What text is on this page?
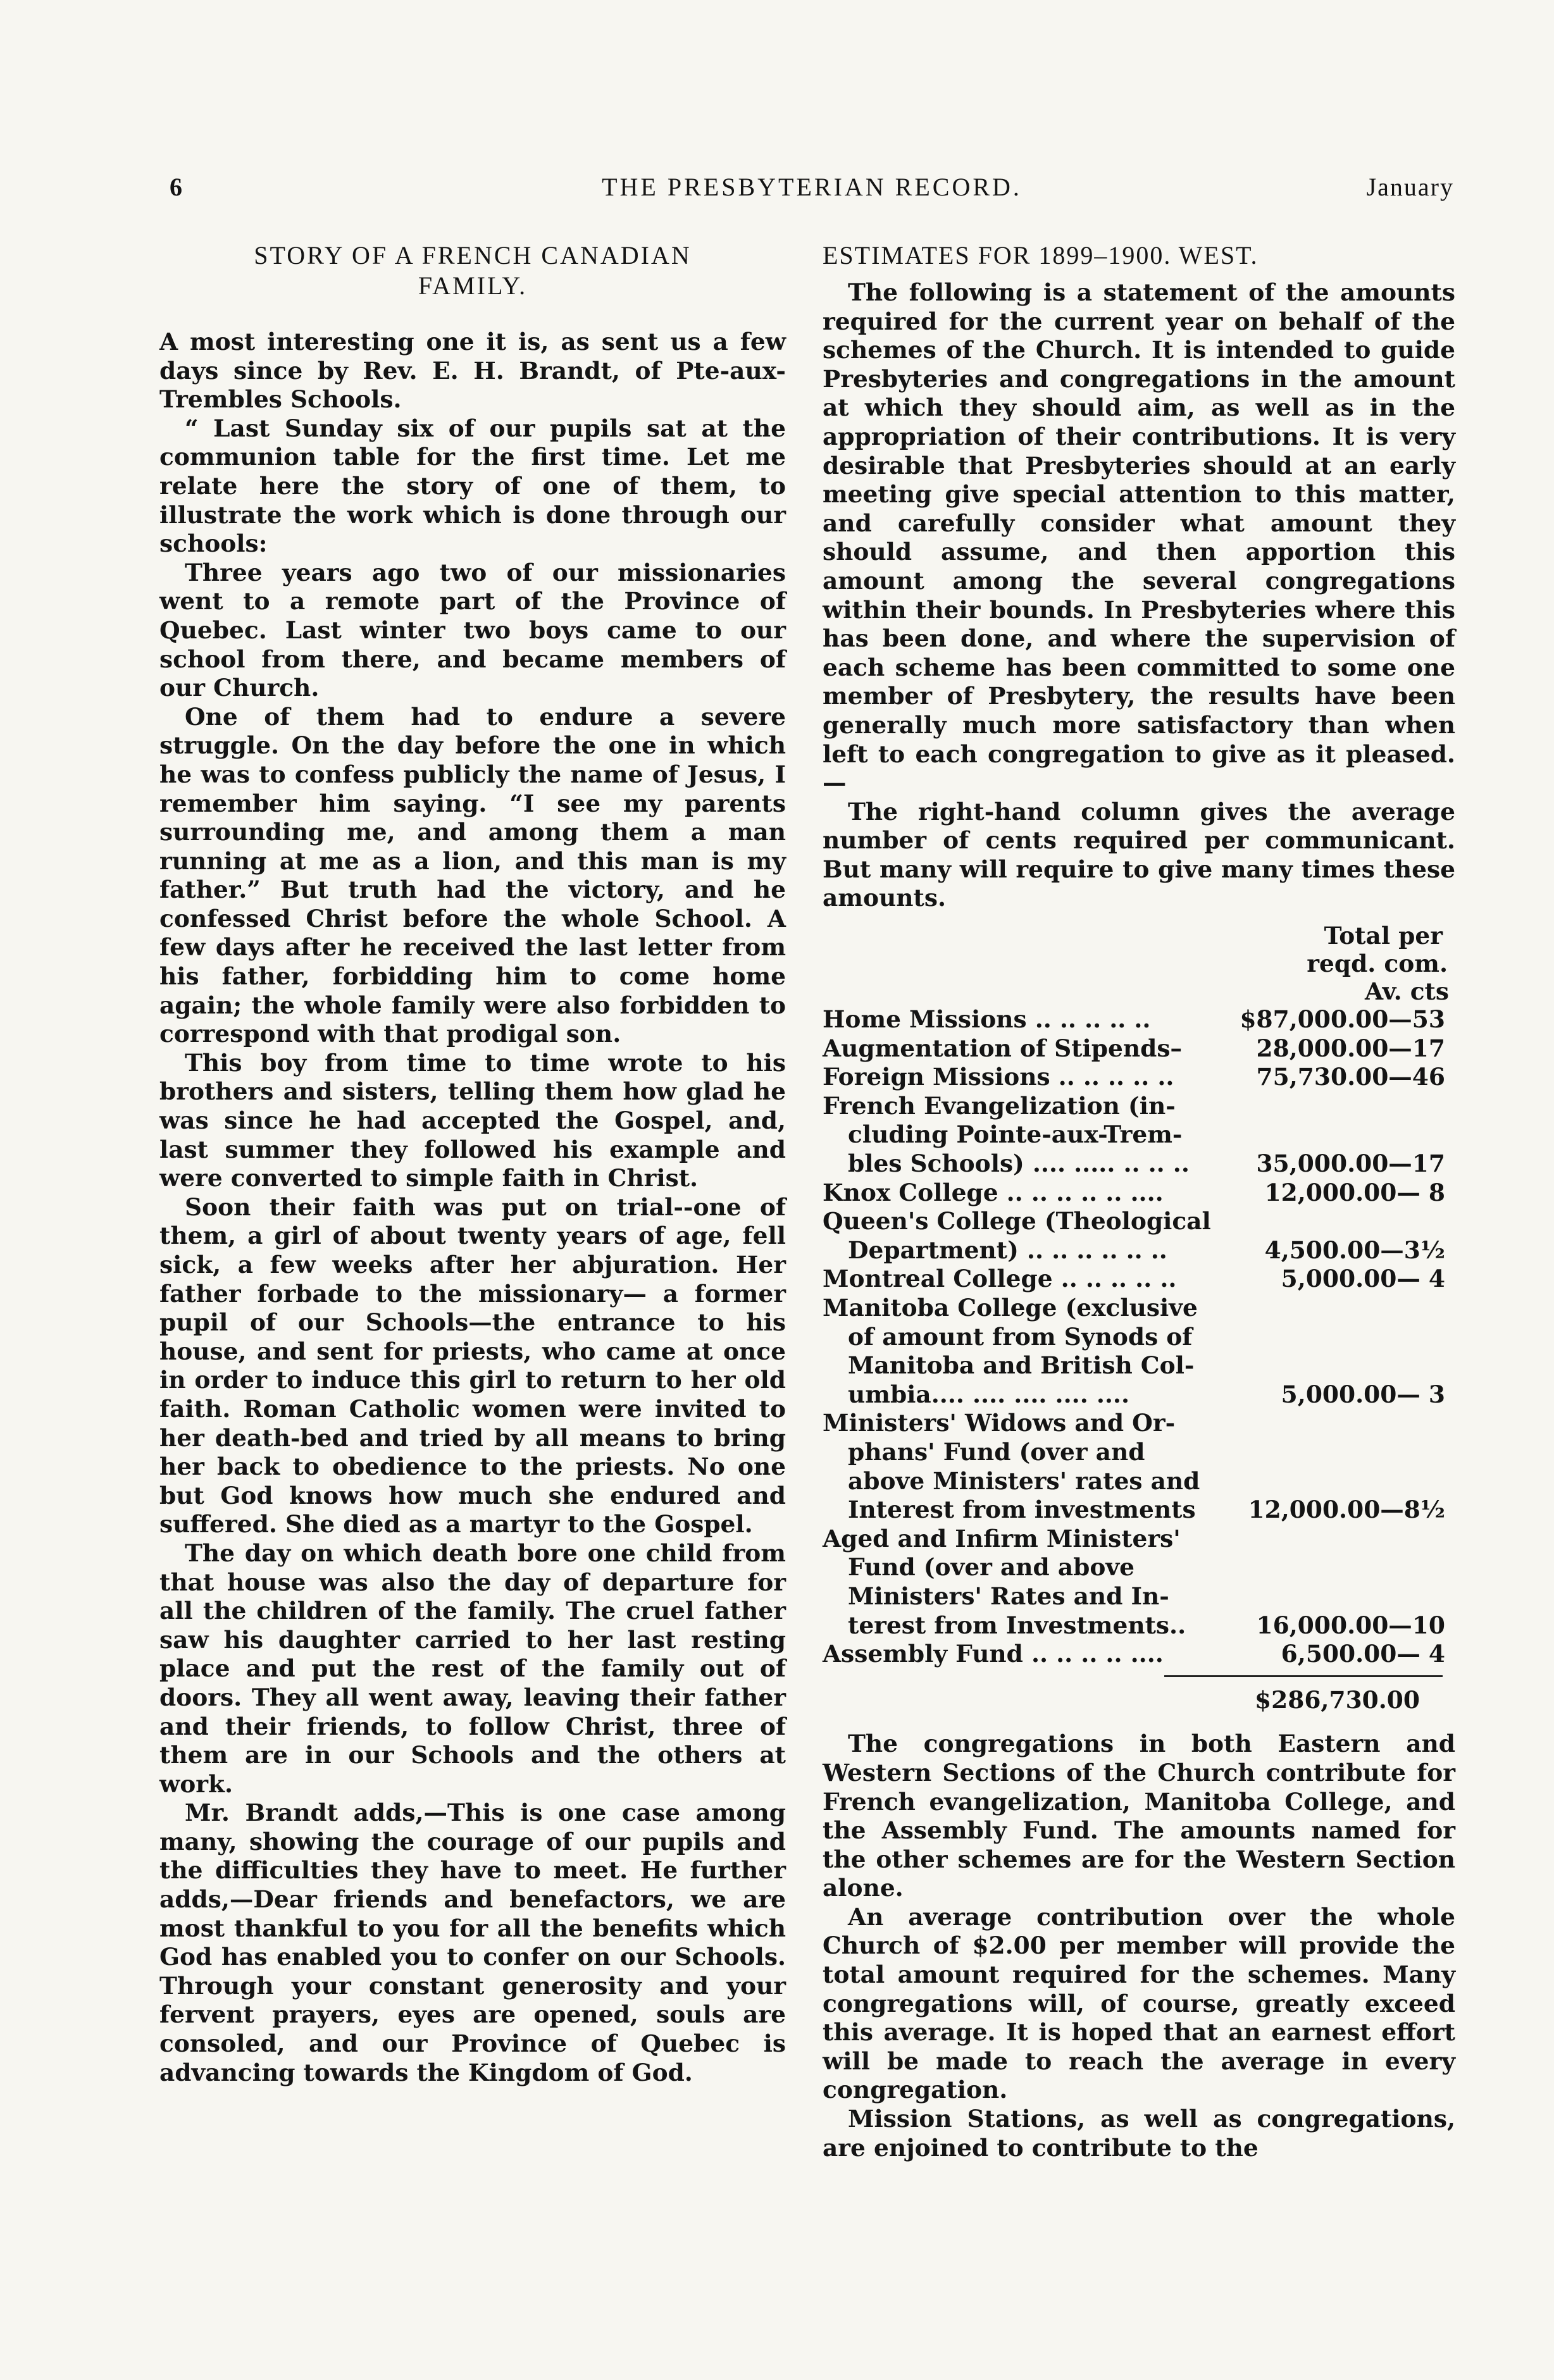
6	THE PRESBYTERIAN RECORD.	January
STORY OF A FRENCH CANADIAN
FAMILY.

A most interesting one it is, as sent us a few days since by Rev. E. H. Brandt, of Pte-aux-Trembles Schools.

“ Last Sunday six of our pupils sat at the communion table for the first time. Let me relate here the story of one of them, to illustrate the work which is done through our schools:

Three years ago two of our missionaries went to a remote part of the Province of Quebec. Last winter two boys came to our school from there, and became members of our Church.

One of them had to endure a severe struggle. On the day before the one in which he was to confess publicly the name of Jesus, I remember him saying. “I see my parents surrounding me, and among them a man running at me as a lion, and this man is my father.” But truth had the victory, and he confessed Christ before the whole School. A few days after he received the last letter from his father, forbidding him to come home again; the whole family were also forbidden to correspond with that prodigal son.

This boy from time to time wrote to his brothers and sisters, telling them how glad he was since he had accepted the Gospel, and, last summer they followed his example and were converted to simple faith in Christ.

Soon their faith was put on trial--one of them, a girl of about twenty years of age, fell sick, a few weeks after her abjuration. Her father forbade to the missionary— a former pupil of our Schools—the entrance to his house, and sent for priests, who came at once in order to induce this girl to return to her old faith. Roman Catholic women were invited to her death-bed and tried by all means to bring her back to obedience to the priests. No one but God knows how much she endured and suffered. She died as a martyr to the Gospel.

The day on which death bore one child from that house was also the day of departure for all the children of the family. The cruel father saw his daughter carried to her last resting place and put the rest of the family out of doors. They all went away, leaving their father and their friends, to follow Christ, three of them are in our Schools and the others at work.

Mr. Brandt adds,—This is one case among many, showing the courage of our pupils and the difficulties they have to meet. He further adds,—Dear friends and benefactors, we are most thankful to you for all the benefits which God has enabled you to confer on our Schools. Through your constant generosity and your fervent prayers, eyes are opened, souls are consoled, and our Province of Quebec is advancing towards the Kingdom of God.

ESTIMATES FOR 1899–1900. WEST.

The following is a statement of the amounts required for the current year on behalf of the schemes of the Church. It is intended to guide Presbyteries and congregations in the amount at which they should aim, as well as in the appropriation of their contributions. It is very desirable that Presbyteries should at an early meeting give special attention to this matter, and carefully consider what amount they should assume, and then apportion this amount among the several congregations within their bounds. In Presbyteries where this has been done, and where the supervision of each scheme has been committed to some one member of Presbytery, the results have been generally much more satisfactory than when left to each congregation to give as it pleased.—

The right-hand column gives the average number of cents required per communicant. But many will require to give many times these amounts.

Total per
reqd. com.
Av. cts
Home Missions .. .. .. .. ..	$87,000.00—53
Augmentation of Stipends–	28,000.00—17
Foreign Missions .. .. .. .. ..	75,730.00—46
French Evangelization (in-
cluding Pointe-aux-Trem-
bles Schools) .... ..... .. .. ..	35,000.00—17
Knox College .. .. .. .. .. ....	12,000.00— 8
Queen's College (Theological
Department) .. .. .. .. .. ..	4,500.00—3½
Montreal College .. .. .. .. ..	5,000.00— 4
Manitoba College (exclusive
of amount from Synods of
Manitoba and British Col-
umbia.... .... .... .... ....	5,000.00— 3
Ministers' Widows and Or-
phans' Fund (over and
above Ministers' rates and
Interest from investments	12,000.00—8½
Aged and Infirm Ministers'
Fund (over and above
Ministers' Rates and In-
terest from Investments..	16,000.00—10
Assembly Fund .. .. .. .. ....	6,500.00— 4
$286,730.00

The congregations in both Eastern and Western Sections of the Church contribute for French evangelization, Manitoba College, and the Assembly Fund. The amounts named for the other schemes are for the Western Section alone.

An average contribution over the whole Church of $2.00 per member will provide the total amount required for the schemes. Many congregations will, of course, greatly exceed this average. It is hoped that an earnest effort will be made to reach the average in every congregation.

Mission Stations, as well as congregations, are enjoined to contribute to the
